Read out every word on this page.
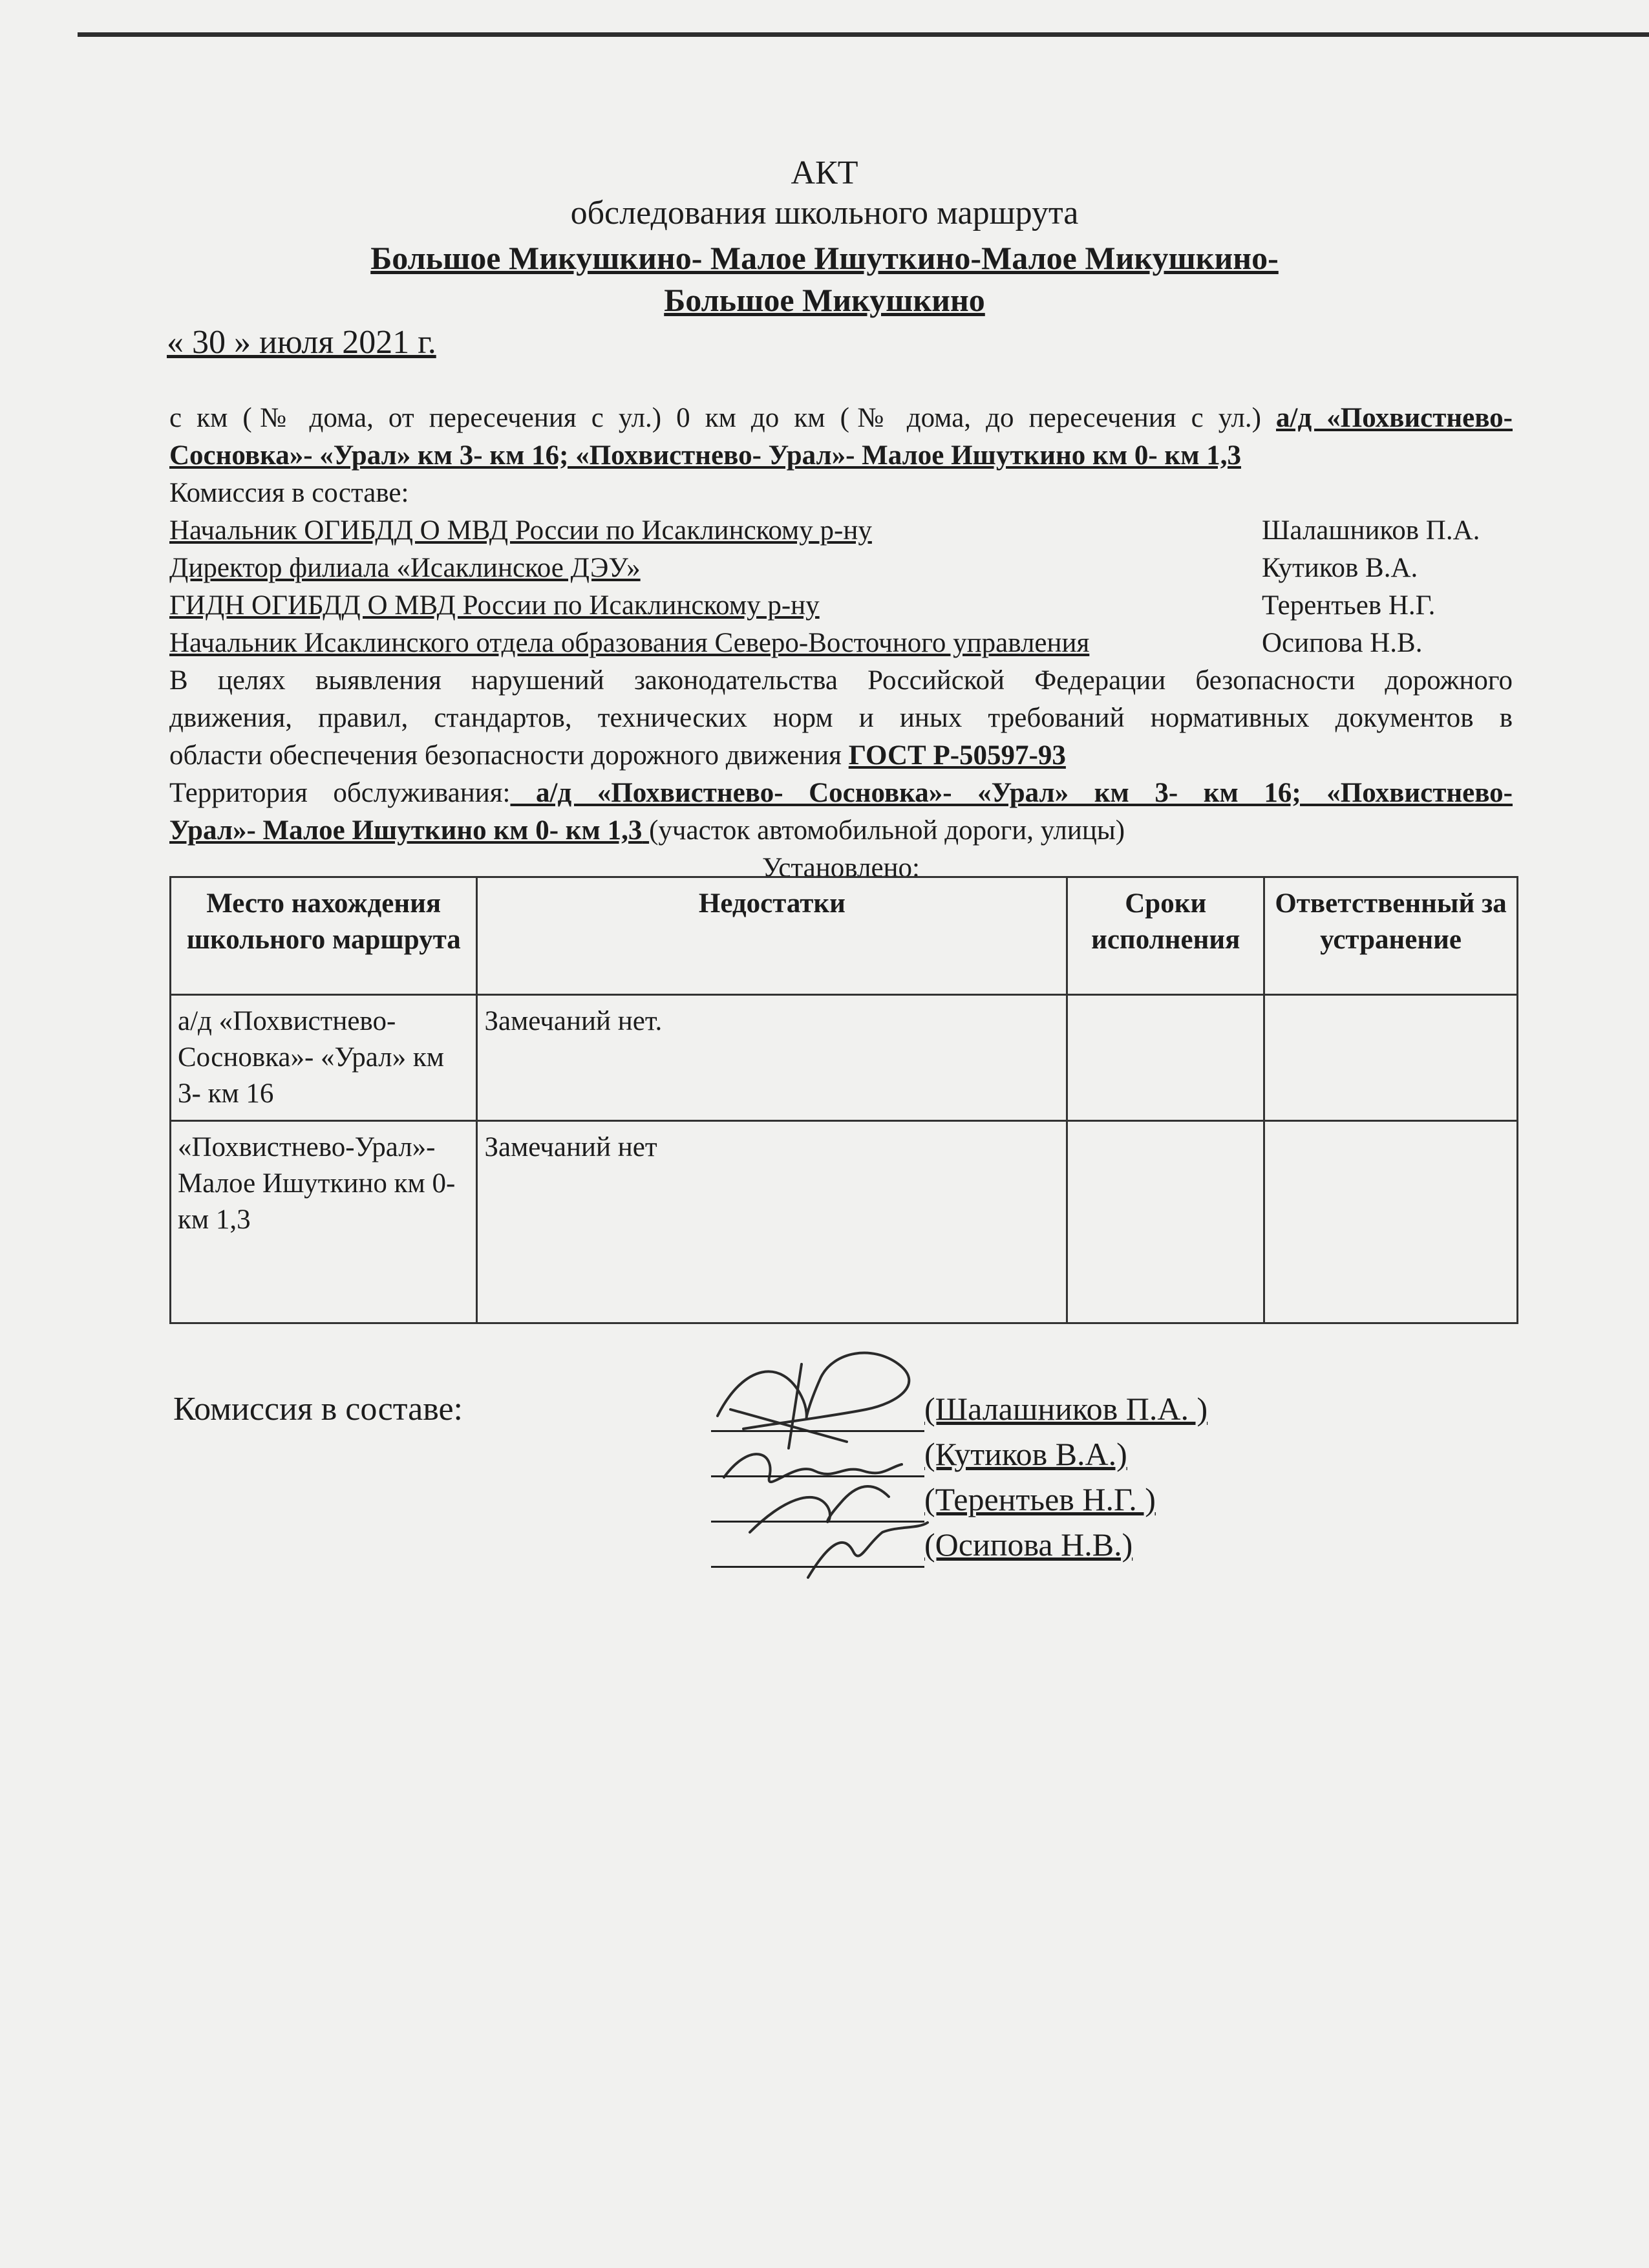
АКТ
обследования школьного маршрута
Большое Микушкино- Малое Ишуткино-Малое Микушкино-
Большое Микушкино
« 30 » июля 2021 г.

с км (№ дома, от пересечения с ул.) 0 км до км (№ дома, до пересечения с ул.) а/д «Похвистнево-

Сосновка»- «Урал» км 3- км 16; «Похвистнево- Урал»- Малое Ишуткино км 0- км 1,3

Комиссия в составе:

Начальник ОГИБДД О МВД России по Исаклинскому р-ну	Шалашников П.А.
Директор филиала «Исаклинское ДЭУ»	Кутиков В.А.
ГИДН ОГИБДД О МВД России по Исаклинскому р-ну	Терентьев Н.Г.
Начальник Исаклинского отдела образования Северо-Восточного управления	Осипова Н.В.

В целях выявления нарушений законодательства Российской Федерации безопасности дорожного

движения, правил, стандартов, технических норм и иных требований нормативных документов в

области обеспечения безопасности дорожного движения ГОСТ Р-50597-93

Территория обслуживания: а/д «Похвистнево- Сосновка»- «Урал» км 3- км 16; «Похвистнево-

Урал»- Малое Ишуткино км 0- км 1,3 (участок автомобильной дороги, улицы)

Установлено:

Место нахождения школьного маршрута	Недостатки	Сроки исполнения	Ответственный за устранение
а/д «Похвистнево-Сосновка»- «Урал» км 3- км 16	Замечаний нет.		
«Похвистнево-Урал»- Малое Ишуткино км 0- км 1,3	Замечаний нет		
Комиссия в составе:	(Шалашников П.А. )
(Кутиков В.А.)
(Терентьев Н.Г. )
(Осипова Н.В.)
